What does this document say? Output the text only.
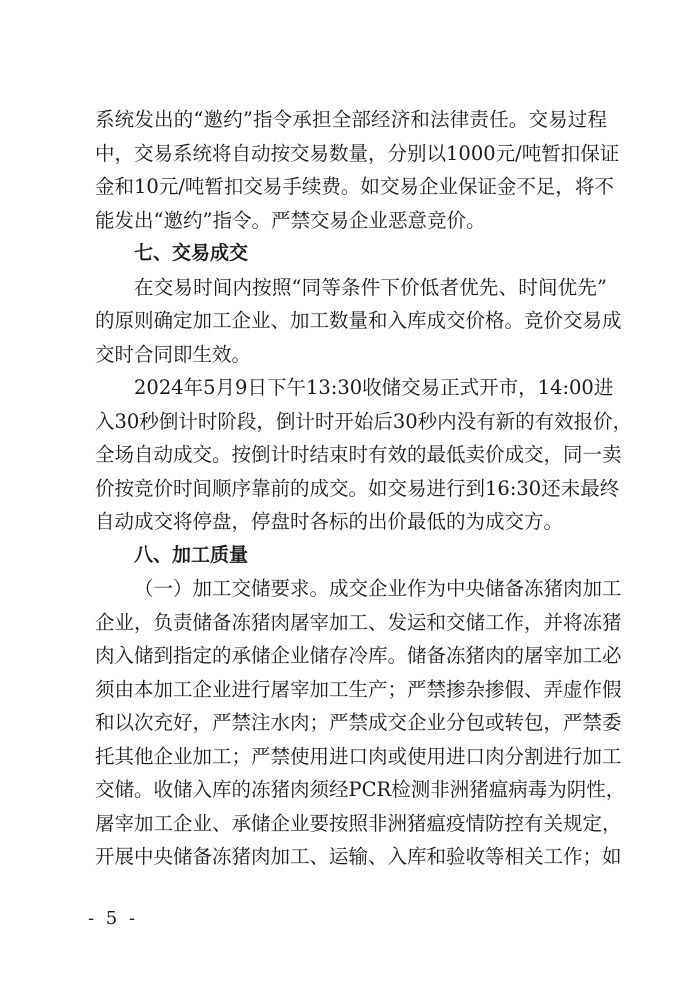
系统发出的“邀约”指令承担全部经济和法律责任。交易过程
中，交易系统将自动按交易数量，分别以1000元/吨暂扣保证
金和10元/吨暂扣交易手续费。如交易企业保证金不足，将不
能发出“邀约”指令。严禁交易企业恶意竞价。
七、交易成交
在交易时间内按照“同等条件下价低者优先、时间优先”
的原则确定加工企业、加工数量和入库成交价格。竞价交易成
交时合同即生效。
2024年5月9日下午13:30收储交易正式开市，14:00进
入30秒倒计时阶段，倒计时开始后30秒内没有新的有效报价，
全场自动成交。按倒计时结束时有效的最低卖价成交，同一卖
价按竞价时间顺序靠前的成交。如交易进行到16:30还未最终
自动成交将停盘，停盘时各标的出价最低的为成交方。
八、加工质量
（一）加工交储要求。成交企业作为中央储备冻猪肉加工
企业，负责储备冻猪肉屠宰加工、发运和交储工作，并将冻猪
肉入储到指定的承储企业储存冷库。储备冻猪肉的屠宰加工必
须由本加工企业进行屠宰加工生产；严禁掺杂掺假、弄虚作假
和以次充好，严禁注水肉；严禁成交企业分包或转包，严禁委
托其他企业加工；严禁使用进口肉或使用进口肉分割进行加工
交储。收储入库的冻猪肉须经PCR检测非洲猪瘟病毒为阴性，
屠宰加工企业、承储企业要按照非洲猪瘟疫情防控有关规定，
开展中央储备冻猪肉加工、运输、入库和验收等相关工作；如
- 5 -
